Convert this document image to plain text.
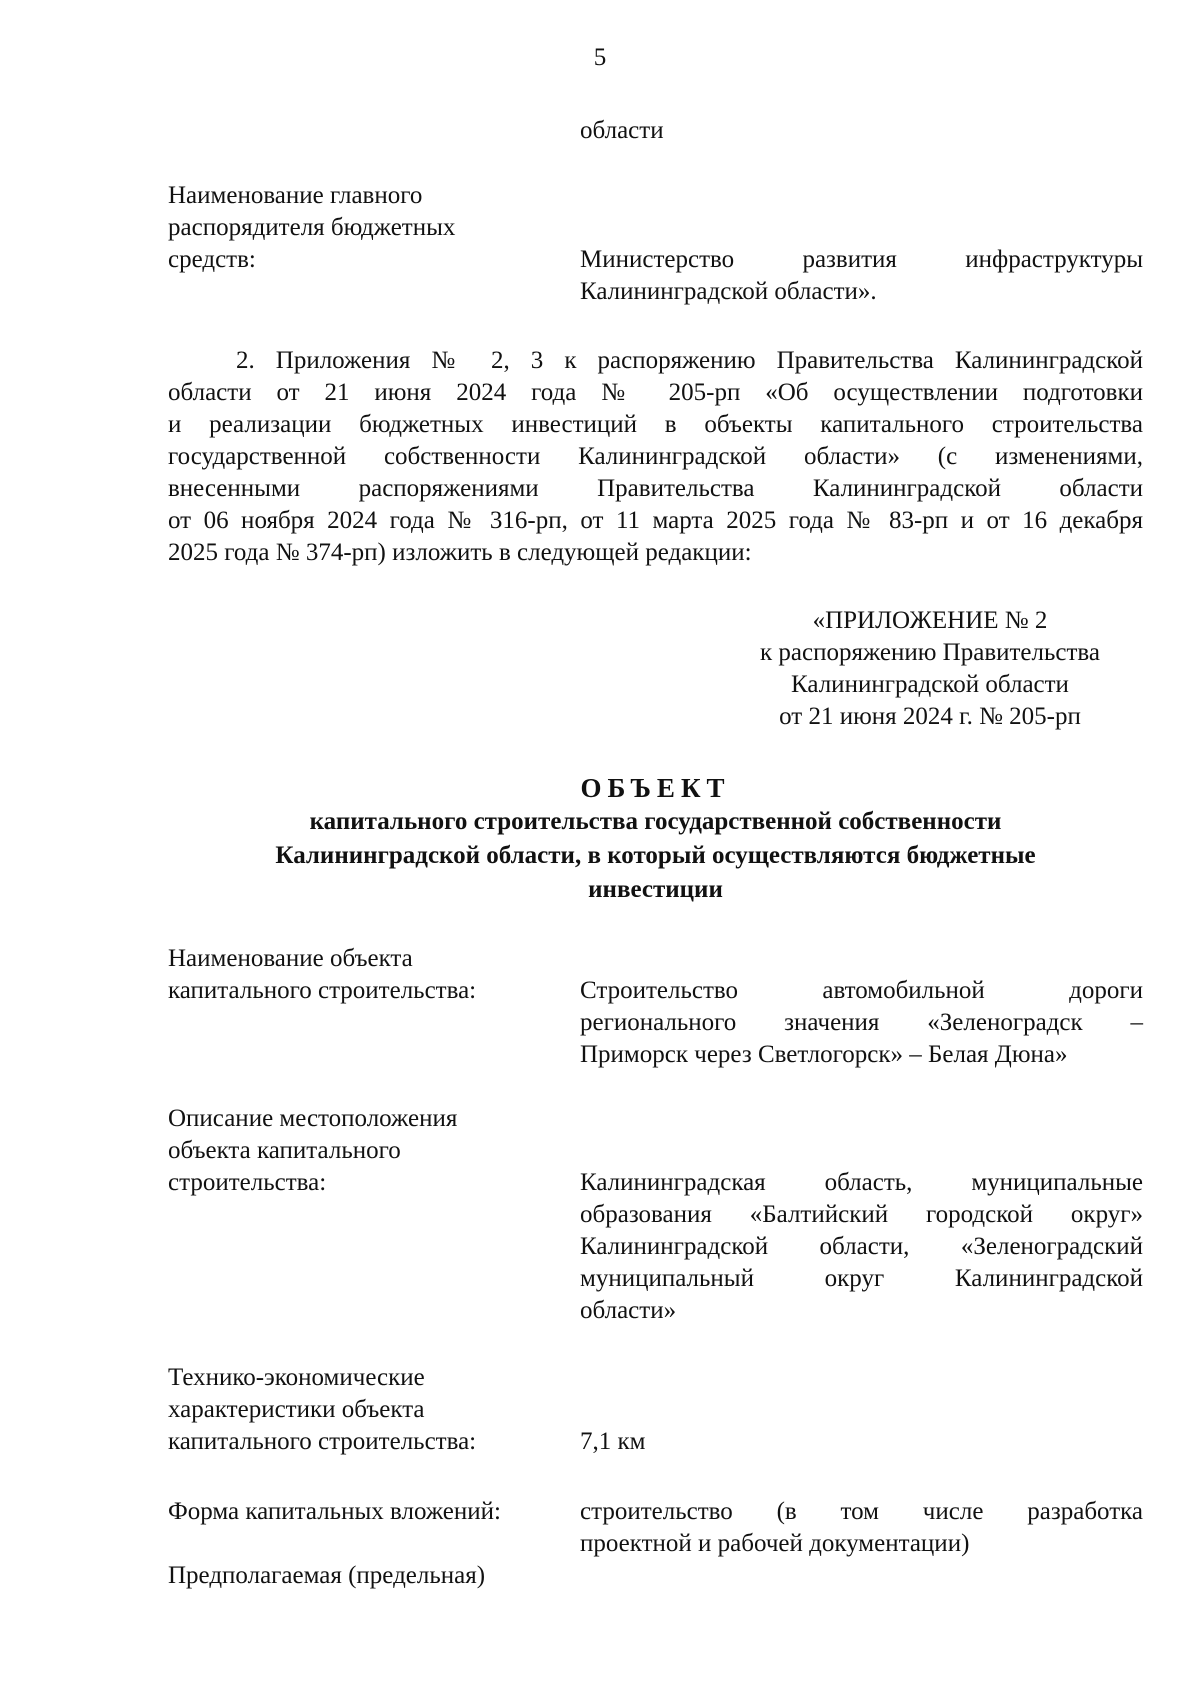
5
области
Наименование главного
распорядителя бюджетных
средств:	Министерство развития инфраструктуры
Калининградской области».
2. Приложения № 2, 3 к распоряжению Правительства Калининградской
области от 21 июня 2024 года № 205-рп «Об осуществлении подготовки
и реализации бюджетных инвестиций в объекты капитального строительства
государственной собственности Калининградской области» (с изменениями,
внесенными распоряжениями Правительства Калининградской области
от 06 ноября 2024 года № 316-рп, от 11 марта 2025 года № 83-рп и от 16 декабря
2025 года № 374-рп) изложить в следующей редакции:
«ПРИЛОЖЕНИЕ № 2
к распоряжению Правительства
Калининградской области
от 21 июня 2024 г. № 205-рп
ОБЪЕКТ
капитального строительства государственной собственности
Калининградской области, в который осуществляются бюджетные
инвестиции
Наименование объекта
капитального строительства:	Строительство автомобильной дороги
регионального значения «Зеленоградск –
Приморск через Светлогорск» – Белая Дюна»
Описание местоположения
объекта капитального
строительства:	Калининградская область, муниципальные
образования «Балтийский городской округ»
Калининградской области, «Зеленоградский
муниципальный округ Калининградской
области»
Технико-экономические
характеристики объекта
капитального строительства:	7,1 км
Форма капитальных вложений:	строительство (в том числе разработка
проектной и рабочей документации)
Предполагаемая (предельная)
